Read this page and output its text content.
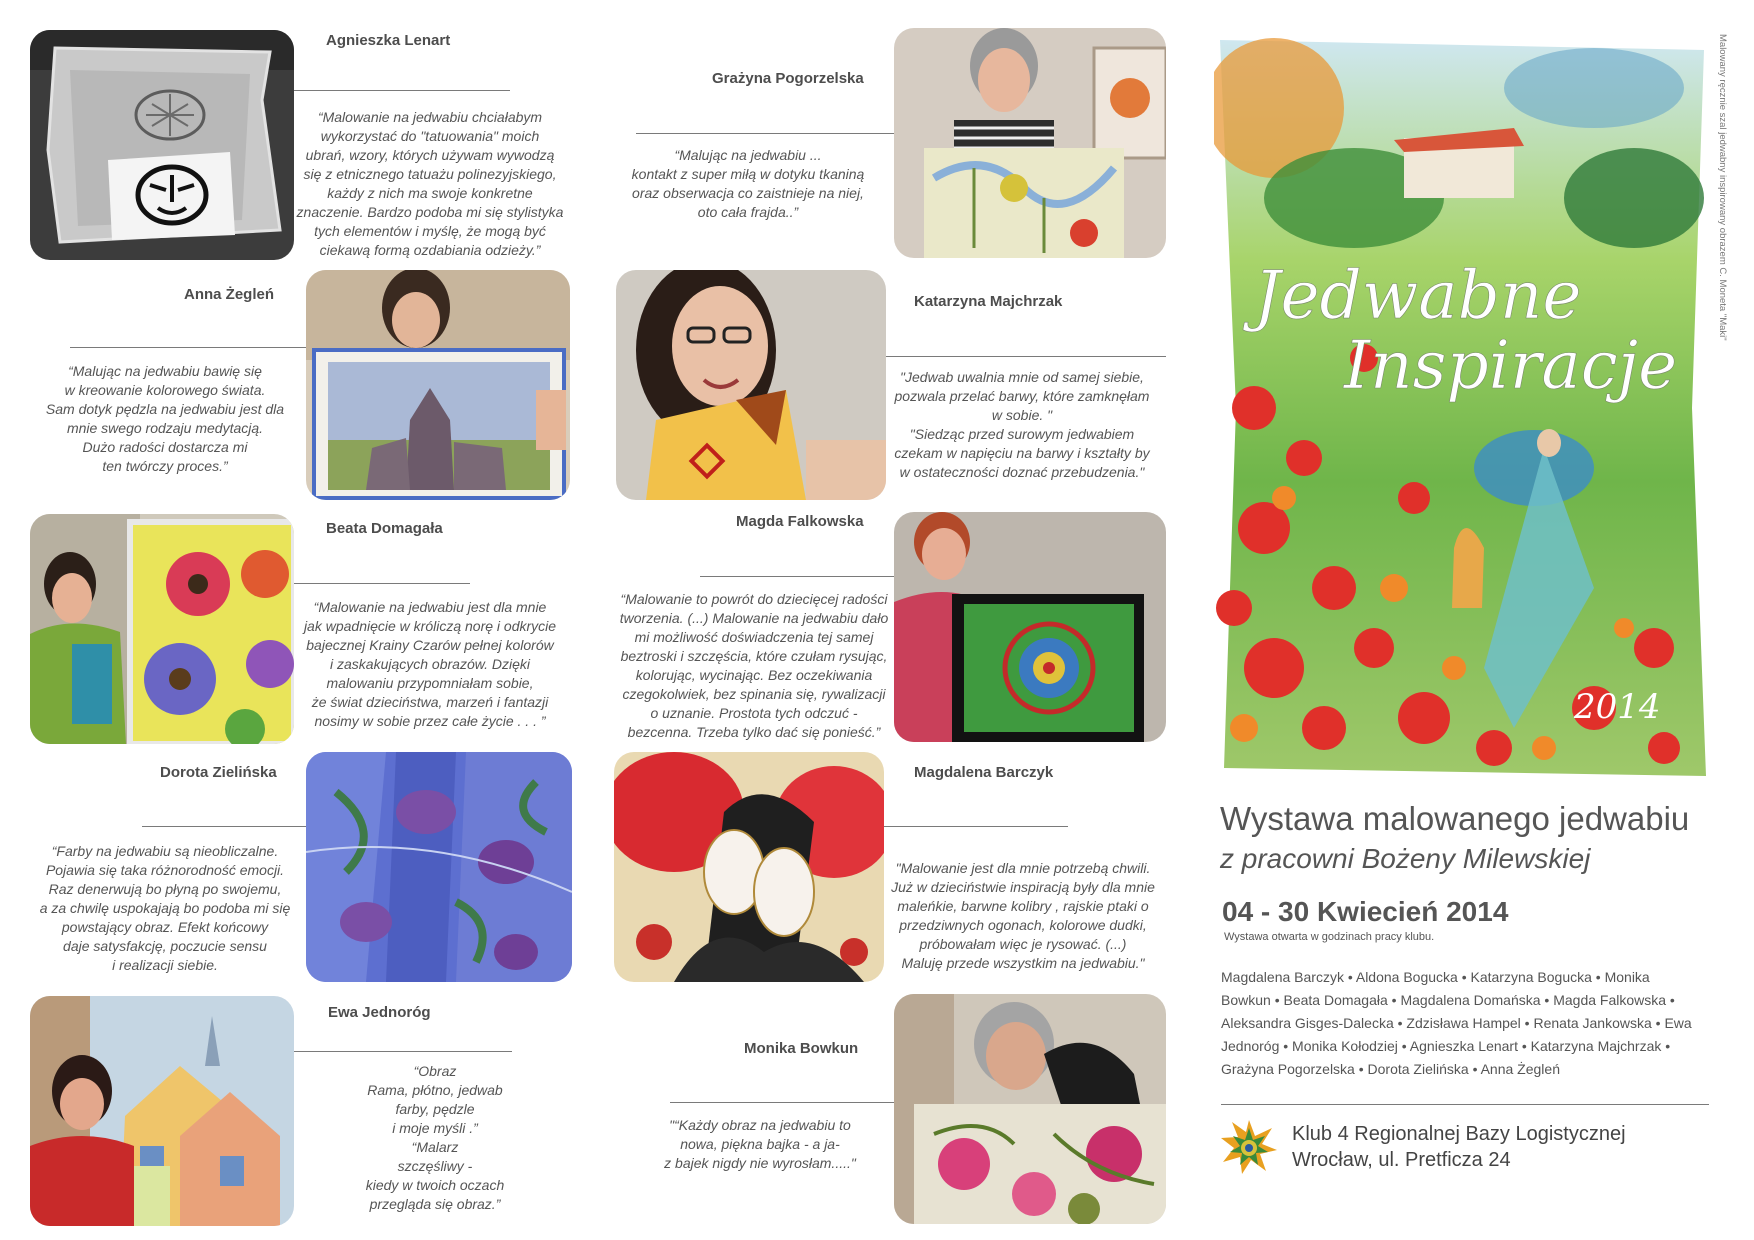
Agnieszka Lenart
“Malowanie na jedwabiu chciałabym
wykorzystać do "tatuowania" moich
ubrań, wzory, których używam wywodzą
się z etnicznego tatuażu polinezyjskiego,
każdy z nich ma swoje konkretne
znaczenie. Bardzo podoba mi się stylistyka
tych elementów i myślę, że mogą być
ciekawą formą ozdabiania odzieży.”
Anna Żegleń
“Malując na jedwabiu bawię się
w kreowanie kolorowego świata.
Sam dotyk pędzla na jedwabiu jest dla
mnie swego rodzaju medytacją.
Dużo radości dostarcza mi
ten twórczy proces.”
Beata Domagała
“Malowanie na jedwabiu jest dla mnie
jak wpadnięcie w króliczą norę i odkrycie
bajecznej Krainy Czarów pełnej kolorów
i zaskakujących obrazów. Dzięki
malowaniu przypomniałam sobie,
że świat dzieciństwa, marzeń i fantazji
nosimy w sobie przez całe życie . . . ”
Dorota Zielińska
“Farby na jedwabiu są nieobliczalne.
Pojawia się taka różnorodność emocji.
Raz denerwują bo płyną po swojemu,
a za chwilę uspokajają bo podoba mi się
powstający obraz. Efekt końcowy
daje satysfakcję, poczucie sensu
i realizacji siebie.
Ewa Jednoróg
“Obraz
Rama, płótno, jedwab
farby, pędzle
i moje myśli .”
“Malarz
szczęśliwy -
kiedy w twoich oczach
przegląda się obraz.”
Grażyna Pogorzelska
“Malując na jedwabiu ...
kontakt z super miłą w dotyku tkaniną
oraz obserwacja co zaistnieje na niej,
oto cała frajda..”
Katarzyna Majchrzak
"Jedwab uwalnia mnie od samej siebie,
pozwala przelać barwy, które zamknęłam
w sobie. "
"Siedząc przed surowym jedwabiem
czekam w napięciu na barwy i kształty by
w ostateczności doznać przebudzenia."
Magda Falkowska
“Malowanie to powrót do dziecięcej radości
tworzenia. (...) Malowanie na jedwabiu dało
mi możliwość doświadczenia tej samej
beztroski i szczęścia, które czułam rysując,
kolorując, wycinając. Bez oczekiwania
czegokolwiek, bez spinania się, rywalizacji
o uznanie. Prostota tych odczuć -
bezcenna. Trzeba tylko dać się ponieść.”
Magdalena Barczyk
"Malowanie jest dla mnie potrzebą chwili.
Już w dzieciństwie inspiracją były dla mnie
maleńkie, barwne kolibry , rajskie ptaki o
przedziwnych ogonach, kolorowe dudki,
próbowałam więc je rysować. (...)
Maluję przede wszystkim na jedwabiu."
Monika Bowkun
"“Każdy obraz na jedwabiu to
nowa, piękna bajka - a ja-
z bajek nigdy nie wyrosłam....."
Jedwabne
Inspiracje
2014
Malowany ręcznie szal jedwabny inspirowany obrazem C. Moneta "Maki"
Wystawa malowanego jedwabiu
z pracowni Bożeny Milewskiej
04 - 30 Kwiecień 2014
Wystawa otwarta w godzinach pracy klubu.
Magdalena Barczyk • Aldona Bogucka • Katarzyna Bogucka • Monika
Bowkun • Beata Domagała • Magdalena Domańska • Magda Falkowska •
Aleksandra Gisges-Dalecka • Zdzisława Hampel • Renata Jankowska • Ewa
Jednoróg • Monika Kołodziej • Agnieszka Lenart • Katarzyna Majchrzak •
Grażyna Pogorzelska • Dorota Zielińska • Anna Żegleń
Klub 4 Regionalnej Bazy Logistycznej
Wrocław, ul. Pretficza 24
